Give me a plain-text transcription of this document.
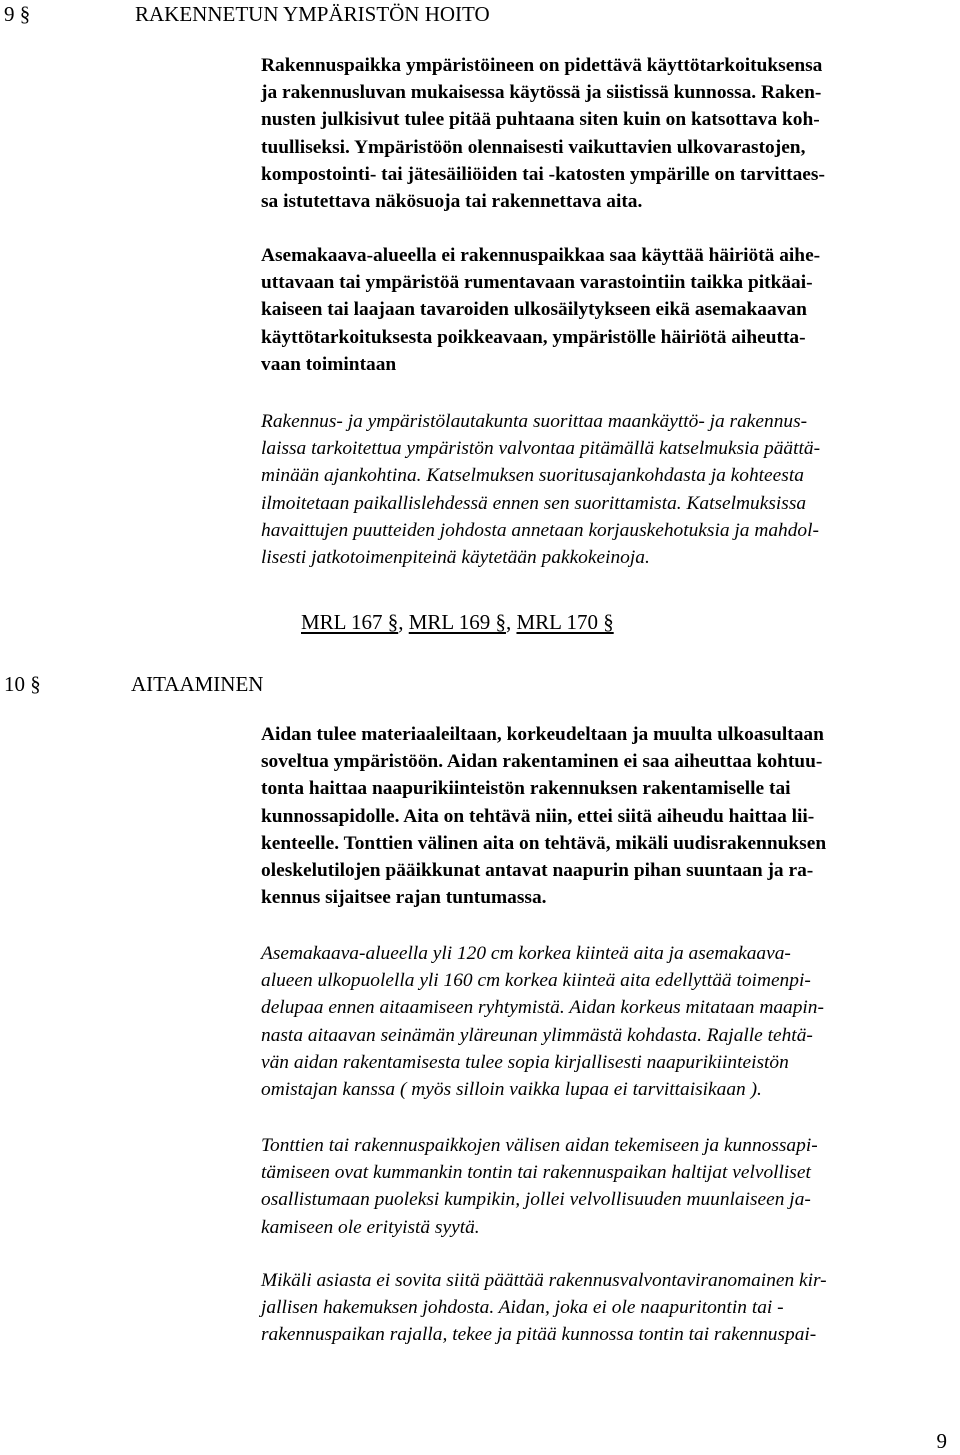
9 §	RAKENNETUN YMPÄRISTÖN HOITO

Rakennuspaikka ympäristöineen on pidettävä käyttötarkoituksensa
ja rakennusluvan mukaisessa käytössä ja siistissä kunnossa. Raken-
nusten julkisivut tulee pitää puhtaana siten kuin on katsottava koh-
tuulliseksi. Ympäristöön olennaisesti vaikuttavien ulkovarastojen,
kompostointi- tai jätesäiliöiden tai -katosten ympärille on tarvittaes-
sa istutettava näkösuoja tai rakennettava aita.

Asemakaava-alueella ei rakennuspaikkaa saa käyttää häiriötä aihe-
uttavaan tai ympäristöä rumentavaan varastointiin taikka pitkäai-
kaiseen tai laajaan tavaroiden ulkosäilytykseen eikä asemakaavan
käyttötarkoituksesta poikkeavaan, ympäristölle häiriötä aiheutta-
vaan toimintaan

Rakennus- ja ympäristölautakunta suorittaa maankäyttö- ja rakennus-
laissa tarkoitettua ympäristön valvontaa pitämällä katselmuksia päättä-
minään ajankohtina. Katselmuksen suoritusajankohdasta ja kohteesta
ilmoitetaan paikallislehdessä ennen sen suorittamista. Katselmuksissa
havaittujen puutteiden johdosta annetaan korjauskehotuksia ja mahdol-
lisesti jatkotoimenpiteinä käytetään pakkokeinoja.

MRL 167 §, MRL 169 §, MRL 170 §
10 §	AITAAMINEN

Aidan tulee materiaaleiltaan, korkeudeltaan ja muulta ulkoasultaan
soveltua ympäristöön. Aidan rakentaminen ei saa aiheuttaa kohtuu-
tonta haittaa naapurikiinteistön rakennuksen rakentamiselle tai
kunnossapidolle. Aita on tehtävä niin, ettei siitä aiheudu haittaa lii-
kenteelle. Tonttien välinen aita on tehtävä, mikäli uudisrakennuksen
oleskelutilojen pääikkunat antavat naapurin pihan suuntaan ja ra-
kennus sijaitsee rajan tuntumassa.

Asemakaava-alueella yli 120 cm korkea kiinteä aita ja asemakaava-
alueen ulkopuolella yli 160 cm korkea kiinteä aita edellyttää toimenpi-
delupaa ennen aitaamiseen ryhtymistä. Aidan korkeus mitataan maapin-
nasta aitaavan seinämän yläreunan ylimmästä kohdasta. Rajalle tehtä-
vän aidan rakentamisesta tulee sopia kirjallisesti naapurikiinteistön
omistajan kanssa ( myös silloin vaikka lupaa ei tarvittaisikaan ).

Tonttien tai rakennuspaikkojen välisen aidan tekemiseen ja kunnossapi-
tämiseen ovat kummankin tontin tai rakennuspaikan haltijat velvolliset
osallistumaan puoleksi kumpikin, jollei velvollisuuden muunlaiseen ja-
kamiseen ole erityistä syytä.

Mikäli asiasta ei sovita siitä päättää rakennusvalvontaviranomainen kir-
jallisen hakemuksen johdosta. Aidan, joka ei ole naapuritontin tai -
rakennuspaikan rajalla, tekee ja pitää kunnossa tontin tai rakennuspai-

9
